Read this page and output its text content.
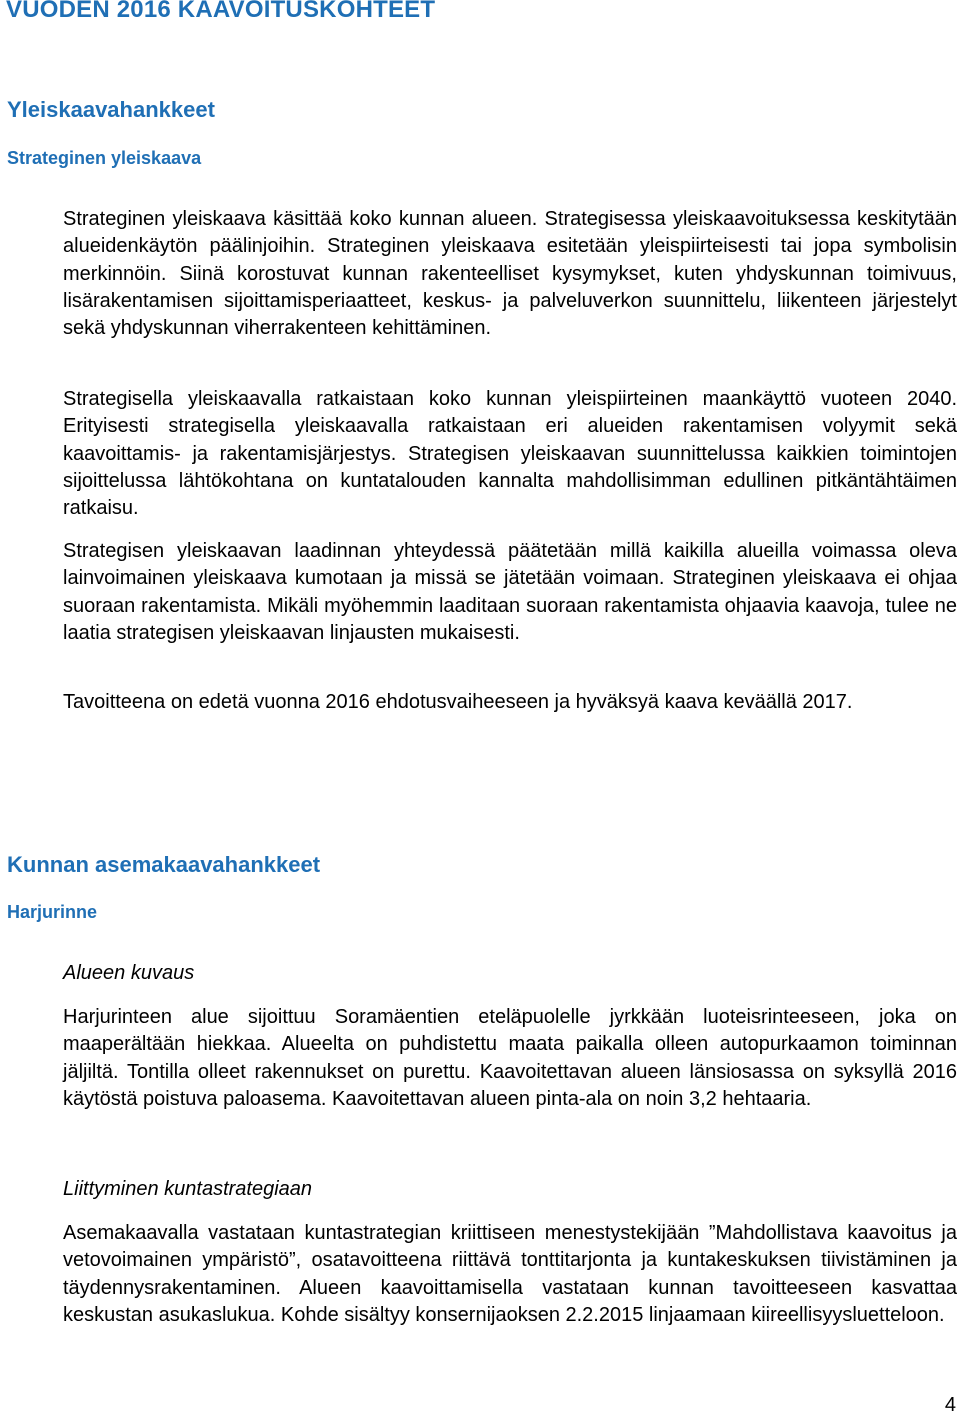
VUODEN 2016 KAAVOITUSKOHTEET
Yleiskaavahankkeet
Strateginen yleiskaava

Strateginen yleiskaava käsittää koko kunnan alueen. Strategisessa yleiskaavoituksessa keskitytään alueidenkäytön päälinjoihin. Strateginen yleiskaava esitetään yleispiirteisesti tai jopa symbolisin merkinnöin. Siinä korostuvat kunnan rakenteelliset kysymykset, kuten yhdyskunnan toimivuus, lisärakentamisen sijoittamisperiaatteet, keskus- ja palveluverkon suunnittelu, liikenteen järjestelyt sekä yhdyskunnan viherrakenteen kehittäminen.

Strategisella yleiskaavalla ratkaistaan koko kunnan yleispiirteinen maankäyttö vuoteen 2040. Erityisesti strategisella yleiskaavalla ratkaistaan eri alueiden rakentamisen volyymit sekä kaavoittamis- ja rakentamisjärjestys. Strategisen yleiskaavan suunnittelussa kaikkien toimintojen sijoittelussa lähtökohtana on kuntatalouden kannalta mahdollisimman edullinen pitkäntähtäimen ratkaisu.

Strategisen yleiskaavan laadinnan yhteydessä päätetään millä kaikilla alueilla voimassa oleva lainvoimainen yleiskaava kumotaan ja missä se jätetään voimaan. Strateginen yleiskaava ei ohjaa suoraan rakentamista. Mikäli myöhemmin laaditaan suoraan rakentamista ohjaavia kaavoja, tulee ne laatia strategisen yleiskaavan linjausten mukaisesti.

Tavoitteena on edetä vuonna 2016 ehdotusvaiheeseen ja hyväksyä kaava keväällä 2017.

Kunnan asemakaavahankkeet
Harjurinne

Alueen kuvaus

Harjurinteen alue sijoittuu Soramäentien eteläpuolelle jyrkkään luoteisrinteeseen, joka on maaperältään hiekkaa. Alueelta on puhdistettu maata paikalla olleen autopurkaamon toiminnan jäljiltä. Tontilla olleet rakennukset on purettu. Kaavoitettavan alueen länsiosassa on syksyllä 2016 käytöstä poistuva paloasema. Kaavoitettavan alueen pinta-ala on noin 3,2 hehtaaria.

Liittyminen kuntastrategiaan

Asemakaavalla vastataan kuntastrategian kriittiseen menestystekijään ”Mahdollistava kaavoitus ja vetovoimainen ympäristö”, osatavoitteena riittävä tonttitarjonta ja kuntakeskuksen tiivistäminen ja täydennysrakentaminen. Alueen kaavoittamisella vastataan kunnan tavoitteeseen kasvattaa keskustan asukaslukua. Kohde sisältyy konsernijaoksen 2.2.2015 linjaamaan kiireellisyysluetteloon.

4
